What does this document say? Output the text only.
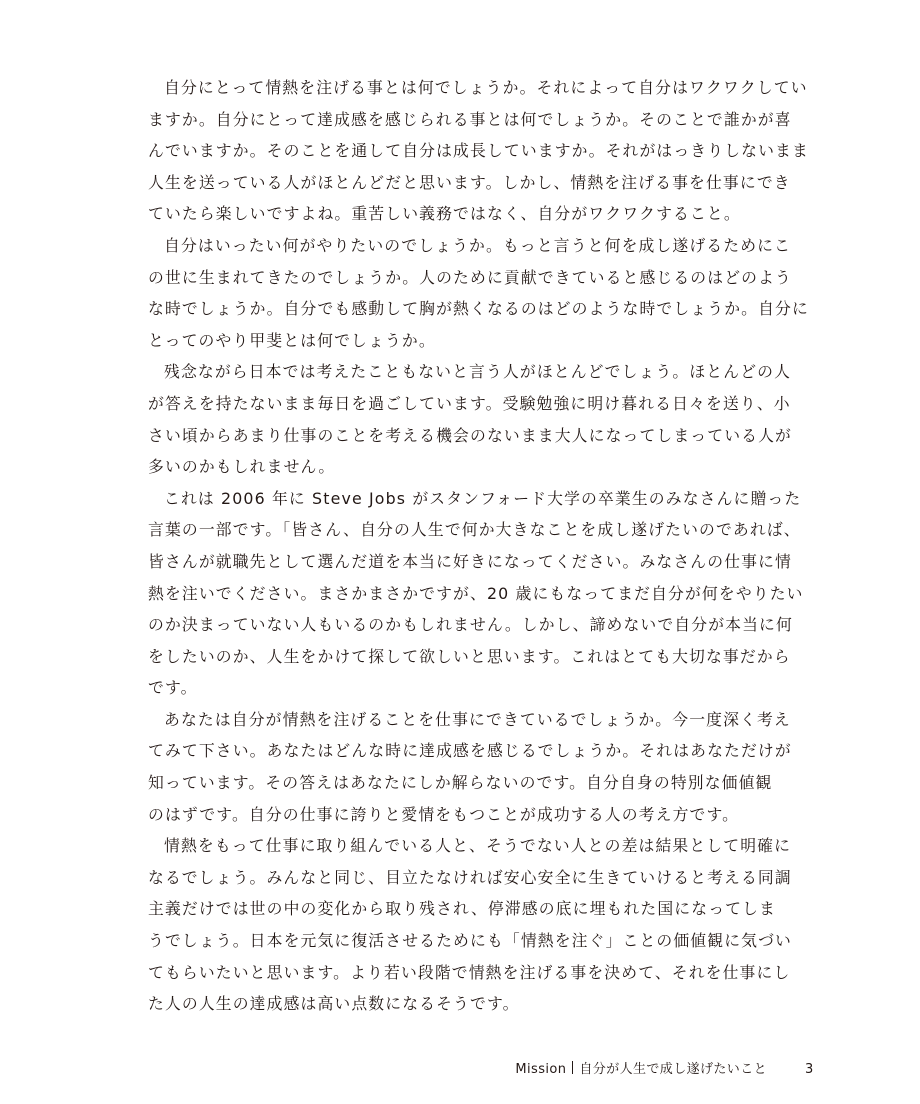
自分にとって情熱を注げる事とは何でしょうか。それによって自分はワクワクしてい
ますか。自分にとって達成感を感じられる事とは何でしょうか。そのことで誰かが喜
んでいますか。そのことを通して自分は成長していますか。それがはっきりしないまま
人生を送っている人がほとんどだと思います。しかし、情熱を注げる事を仕事にでき
ていたら楽しいですよね。重苦しい義務ではなく、自分がワクワクすること。
自分はいったい何がやりたいのでしょうか。もっと言うと何を成し遂げるためにこ
の世に生まれてきたのでしょうか。人のために貢献できていると感じるのはどのよう
な時でしょうか。自分でも感動して胸が熱くなるのはどのような時でしょうか。自分に
とってのやり甲斐とは何でしょうか。
残念ながら日本では考えたこともないと言う人がほとんどでしょう。ほとんどの人
が答えを持たないまま毎日を過ごしています。受験勉強に明け暮れる日々を送り、小
さい頃からあまり仕事のことを考える機会のないまま大人になってしまっている人が
多いのかもしれません。
これは 2006 年に Steve Jobs がスタンフォード大学の卒業生のみなさんに贈った
言葉の一部です。「皆さん、自分の人生で何か大きなことを成し遂げたいのであれば、
皆さんが就職先として選んだ道を本当に好きになってください。みなさんの仕事に情
熱を注いでください。まさかまさかですが、20 歳にもなってまだ自分が何をやりたい
のか決まっていない人もいるのかもしれません。しかし、諦めないで自分が本当に何
をしたいのか、人生をかけて探して欲しいと思います。これはとても大切な事だから
です。
あなたは自分が情熱を注げることを仕事にできているでしょうか。今一度深く考え
てみて下さい。あなたはどんな時に達成感を感じるでしょうか。それはあなただけが
知っています。その答えはあなたにしか解らないのです。自分自身の特別な価値観
のはずです。自分の仕事に誇りと愛情をもつことが成功する人の考え方です。
情熱をもって仕事に取り組んでいる人と、そうでない人との差は結果として明確に
なるでしょう。みんなと同じ、目立たなければ安心安全に生きていけると考える同調
主義だけでは世の中の変化から取り残され、停滞感の底に埋もれた国になってしま
うでしょう。日本を元気に復活させるためにも「情熱を注ぐ」ことの価値観に気づい
てもらいたいと思います。より若い段階で情熱を注げる事を決めて、それを仕事にし
た人の人生の達成感は高い点数になるそうです。
Mission 自分が人生で成し遂げたいこと	3
